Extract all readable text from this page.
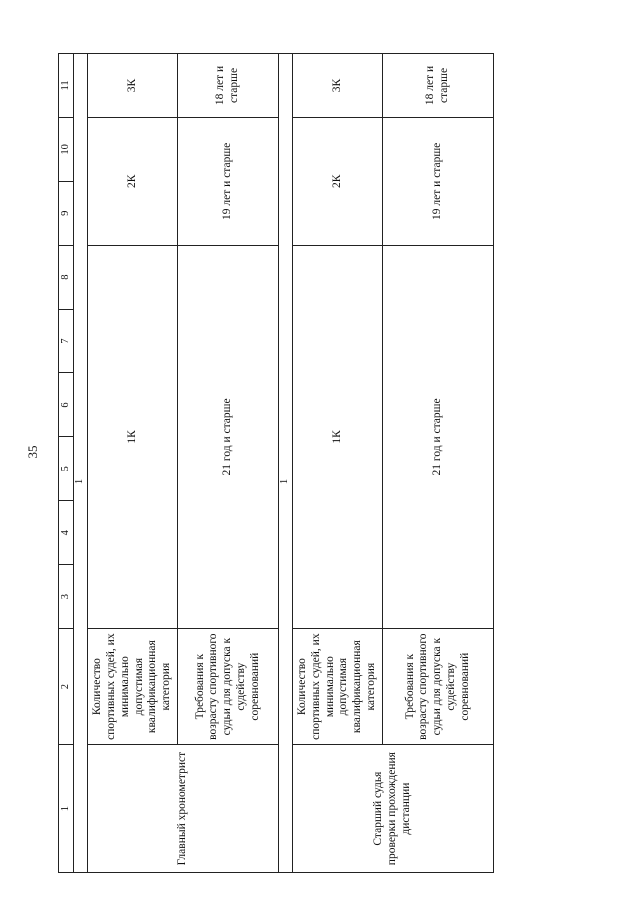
35
1	2	3	4	5	6	7	8	9	10	11
1										
Главный хронометрист	Количество спортивных судей, их минимально допустимая квалификационная категория	1К						2К		3К
	Требования к возрасту спортивного судьи для допуска к судейству соревнований	21 год и старше						19 лет и старше		18 лет и старше
1										
Старший судья проверки прохождения дистанции	Количество спортивных судей, их минимально допустимая квалификационная категория	1К						2К		3К
	Требования к возрасту спортивного судьи для допуска к судейству соревнований	21 год и старше						19 лет и старше		18 лет и старше
